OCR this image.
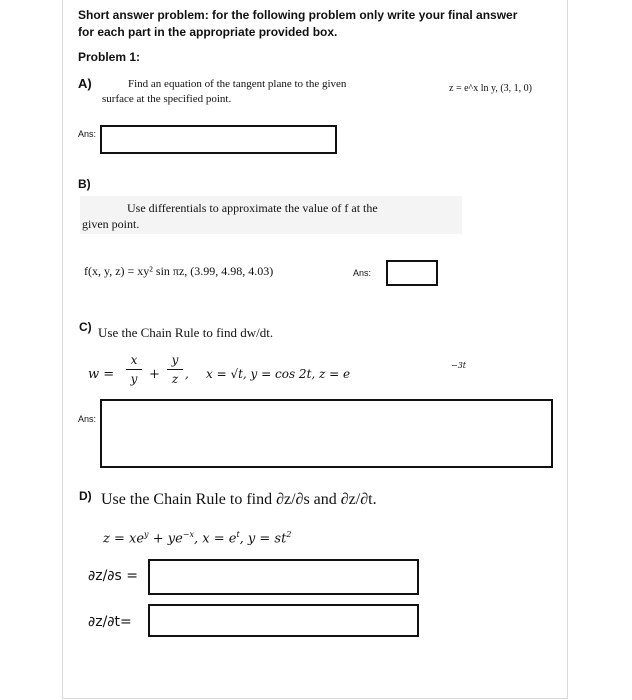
Short answer problem: for the following problem only write your final answer
for each part in the appropriate provided box.
Problem 1:
A)	Find an equation of the tangent plane to the given
surface at the specified point.
z = e^x ln y, (3, 1, 0)
Ans:
B)
Use differentials to approximate the value of f at the
given point.
f(x, y, z) = xy² sin πz, (3.99, 4.98, 4.03)	Ans:
C) Use the Chain Rule to find dw/dt.
w =
x
y +
y
z , x = √t, y = cos 2t, z = e
−3t
Ans:
D) Use the Chain Rule to find ∂z/∂s and ∂z/∂t.
$z = xe^y + ye^{-x}$, $x = e^t$, $y = st^2$
∂z/∂s =
∂z/∂t=
